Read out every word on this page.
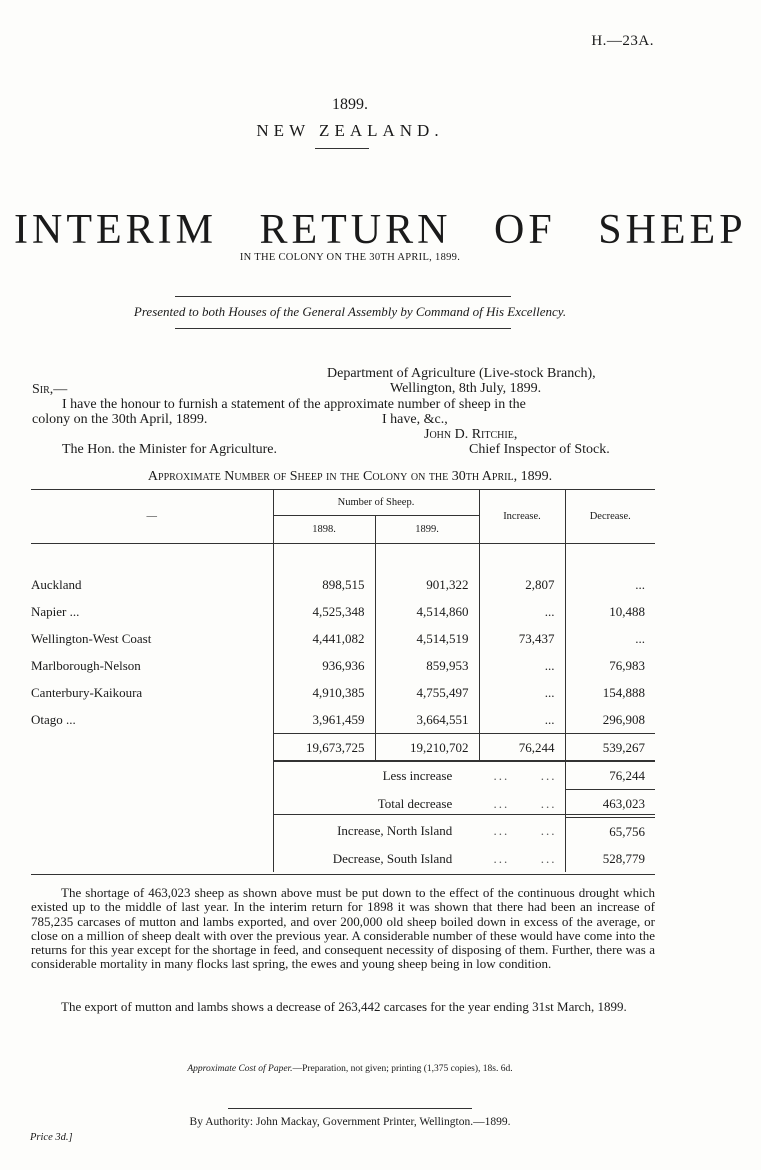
H.—23A.
1899.
NEW ZEALAND.
INTERIM RETURN OF SHEEP
IN THE COLONY ON THE 30TH APRIL, 1899.
Presented to both Houses of the General Assembly by Command of His Excellency.
Department of Agriculture (Live-stock Branch),
Sir,—	Wellington, 8th July, 1899.
I have the honour to furnish a statement of the approximate number of sheep in the
colony on the 30th April, 1899.	I have, &c.,
John D. Ritchie,
The Hon. the Minister for Agriculture.	Chief Inspector of Stock.
Approximate Number of Sheep in the Colony on the 30th April, 1899.
—	Number of Sheep.		Increase.	Decrease.
	1898.	1899.		

Auckland	898,515	901,322	2,807	...
Napier ...	4,525,348	4,514,860	...	10,488
Wellington-West Coast	4,441,082	4,514,519	73,437	...
Marlborough-Nelson	936,936	859,953	...	76,983
Canterbury-Kaikoura	4,910,385	4,755,497	...	154,888
Otago ...	3,961,459	3,664,551	...	296,908
	19,673,725	19,210,702	76,244	539,267
	Less increase ...      ...			76,244
	Total decrease ...      ...			463,023
	Increase, North Island ...      ...			65,756
	Decrease, South Island ...      ...			528,779
The shortage of 463,023 sheep as shown above must be put down to the effect of the continuous drought which existed up to the middle of last year. In the interim return for 1898 it was shown that there had been an increase of 785,235 carcases of mutton and lambs exported, and over 200,000 old sheep boiled down in excess of the average, or close on a million of sheep dealt with over the previous year. A considerable number of these would have come into the returns for this year except for the shortage in feed, and consequent necessity of disposing of them. Further, there was a considerable mortality in many flocks last spring, the ewes and young sheep being in low condition.
The export of mutton and lambs shows a decrease of 263,442 carcases for the year ending 31st March, 1899.
Approximate Cost of Paper.—Preparation, not given; printing (1,375 copies), 18s. 6d.
By Authority: John Mackay, Government Printer, Wellington.—1899.
Price 3d.]
